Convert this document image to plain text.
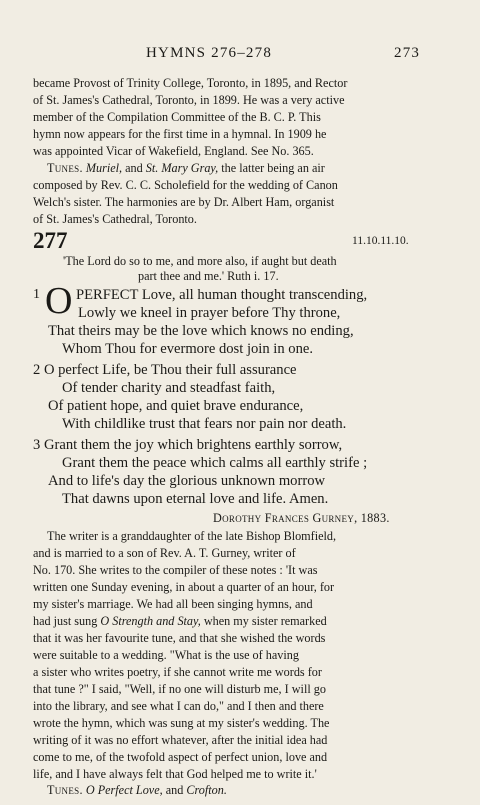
HYMNS 276–278	273
became Provost of Trinity College, Toronto, in 1895, and Rector
of St. James's Cathedral, Toronto, in 1899. He was a very active
member of the Compilation Committee of the B. C. P. This
hymn now appears for the first time in a hymnal. In 1909 he
was appointed Vicar of Wakefield, England. See No. 365.
Tunes. Muriel, and St. Mary Gray, the latter being an air
composed by Rev. C. C. Scholefield for the wedding of Canon
Welch's sister. The harmonies are by Dr. Albert Ham, organist
of St. James's Cathedral, Toronto.
277	11.10.11.10.
'The Lord do so to me, and more also, if aught but death
part thee and me.' Ruth i. 17.
1 O PERFECT Love, all human thought transcending,
Lowly we kneel in prayer before Thy throne,
That theirs may be the love which knows no ending,
Whom Thou for evermore dost join in one.
2 O perfect Life, be Thou their full assurance
Of tender charity and steadfast faith,
Of patient hope, and quiet brave endurance,
With childlike trust that fears nor pain nor death.
3 Grant them the joy which brightens earthly sorrow,
Grant them the peace which calms all earthly strife ;
And to life's day the glorious unknown morrow
That dawns upon eternal love and life. Amen.
Dorothy Frances Gurney, 1883.
The writer is a granddaughter of the late Bishop Blomfield,
and is married to a son of Rev. A. T. Gurney, writer of
No. 170. She writes to the compiler of these notes : 'It was
written one Sunday evening, in about a quarter of an hour, for
my sister's marriage. We had all been singing hymns, and
had just sung O Strength and Stay, when my sister remarked
that it was her favourite tune, and that she wished the words
were suitable to a wedding. "What is the use of having
a sister who writes poetry, if she cannot write me words for
that tune ?" I said, "Well, if no one will disturb me, I will go
into the library, and see what I can do," and I then and there
wrote the hymn, which was sung at my sister's wedding. The
writing of it was no effort whatever, after the initial idea had
come to me, of the twofold aspect of perfect union, love and
life, and I have always felt that God helped me to write it.'
Tunes. O Perfect Love, and Crofton.
